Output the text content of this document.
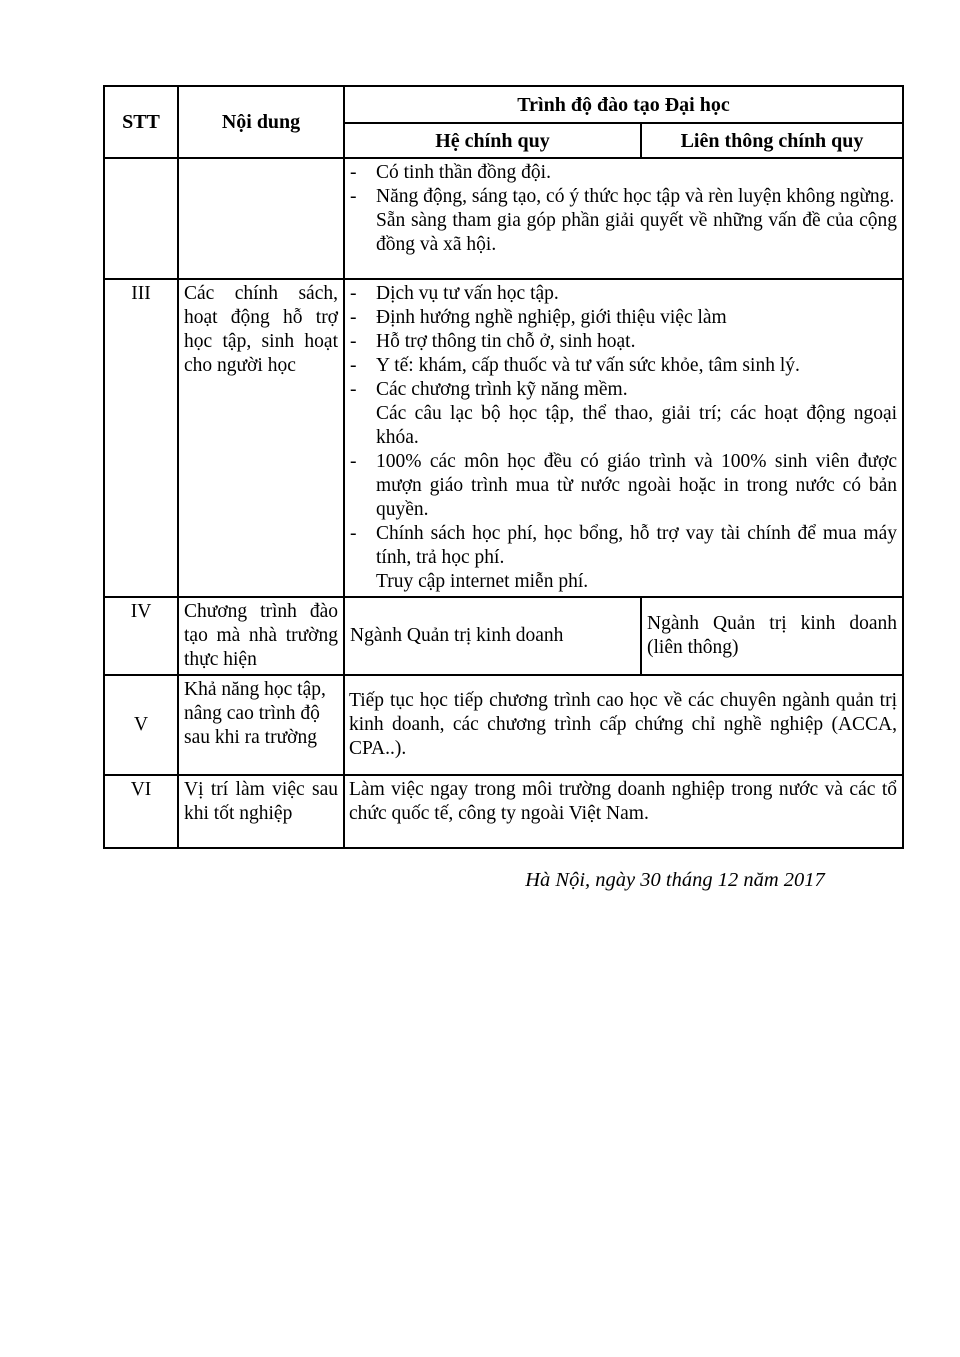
STT	Nội dung	Trình độ đào tạo Đại học	
		Hệ chính quy	Liên thông chính quy

		- Có tinh thần đồng đội.
- Năng động, sáng tạo, có ý thức học tập và rèn luyện không ngừng.
Sẵn sàng tham gia góp phần giải quyết về những vấn đề của cộng đồng và xã hội.	

III	Các chính sách, hoạt động hỗ trợ học tập, sinh hoạt cho người học	
- Dịch vụ tư vấn học tập.
- Định hướng nghề nghiệp, giới thiệu việc làm
- Hỗ trợ thông tin chỗ ở, sinh hoạt.
- Y tế: khám, cấp thuốc và tư vấn sức khỏe, tâm sinh lý.
- Các chương trình kỹ năng mềm.
Các câu lạc bộ học tập, thể thao, giải trí; các hoạt động ngoại khóa.
- 100% các môn học đều có giáo trình và 100% sinh viên được mượn giáo trình mua từ nước ngoài hoặc in trong nước có bản quyền.
- Chính sách học phí, học bổng, hỗ trợ vay tài chính để mua máy tính, trả học phí.
Truy cập internet miễn phí.

IV	Chương trình đào tạo mà nhà trường thực hiện	Ngành Quản trị kinh doanh	Ngành Quản trị kinh doanh (liên thông)
V	Khả năng học tập, nâng cao trình độ sau khi ra trường	Tiếp tục học tiếp chương trình cao học về các chuyên ngành quản trị kinh doanh, các chương trình cấp chứng chỉ nghề nghiệp (ACCA, CPA..).	

VI	Vị trí làm việc sau khi tốt nghiệp	Làm việc ngay trong môi trường doanh nghiệp trong nước và các tổ chức quốc tế, công ty ngoài Việt Nam.	
Hà Nội, ngày 30 tháng 12 năm 2017
